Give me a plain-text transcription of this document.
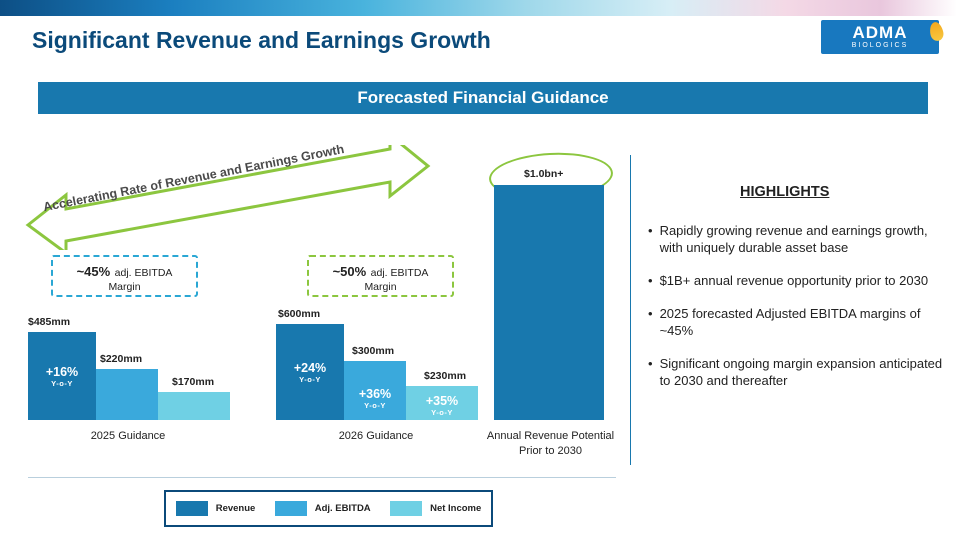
ADMA
BIOLOGICS
Significant Revenue and Earnings Growth
Forecasted Financial Guidance
Accelerating Rate of Revenue and Earnings Growth
~45% adj. EBITDA
Margin
~50% adj. EBITDA
Margin
$485mm
+16%
Y-o-Y
$220mm
$170mm
2025 Guidance
$600mm
+24%
Y-o-Y
$300mm
+36%
Y-o-Y
$230mm
+35%
Y-o-Y
2026 Guidance
$1.0bn+
Annual Revenue Potential
Prior to 2030
HIGHLIGHTS
• Rapidly growing revenue and earnings growth, with uniquely durable asset base
• $1B+ annual revenue opportunity prior to 2030
• 2025 forecasted Adjusted EBITDA margins of ~45%
• Significant ongoing margin expansion anticipated to 2030 and thereafter
Revenue	Adj. EBITDA	Net Income
